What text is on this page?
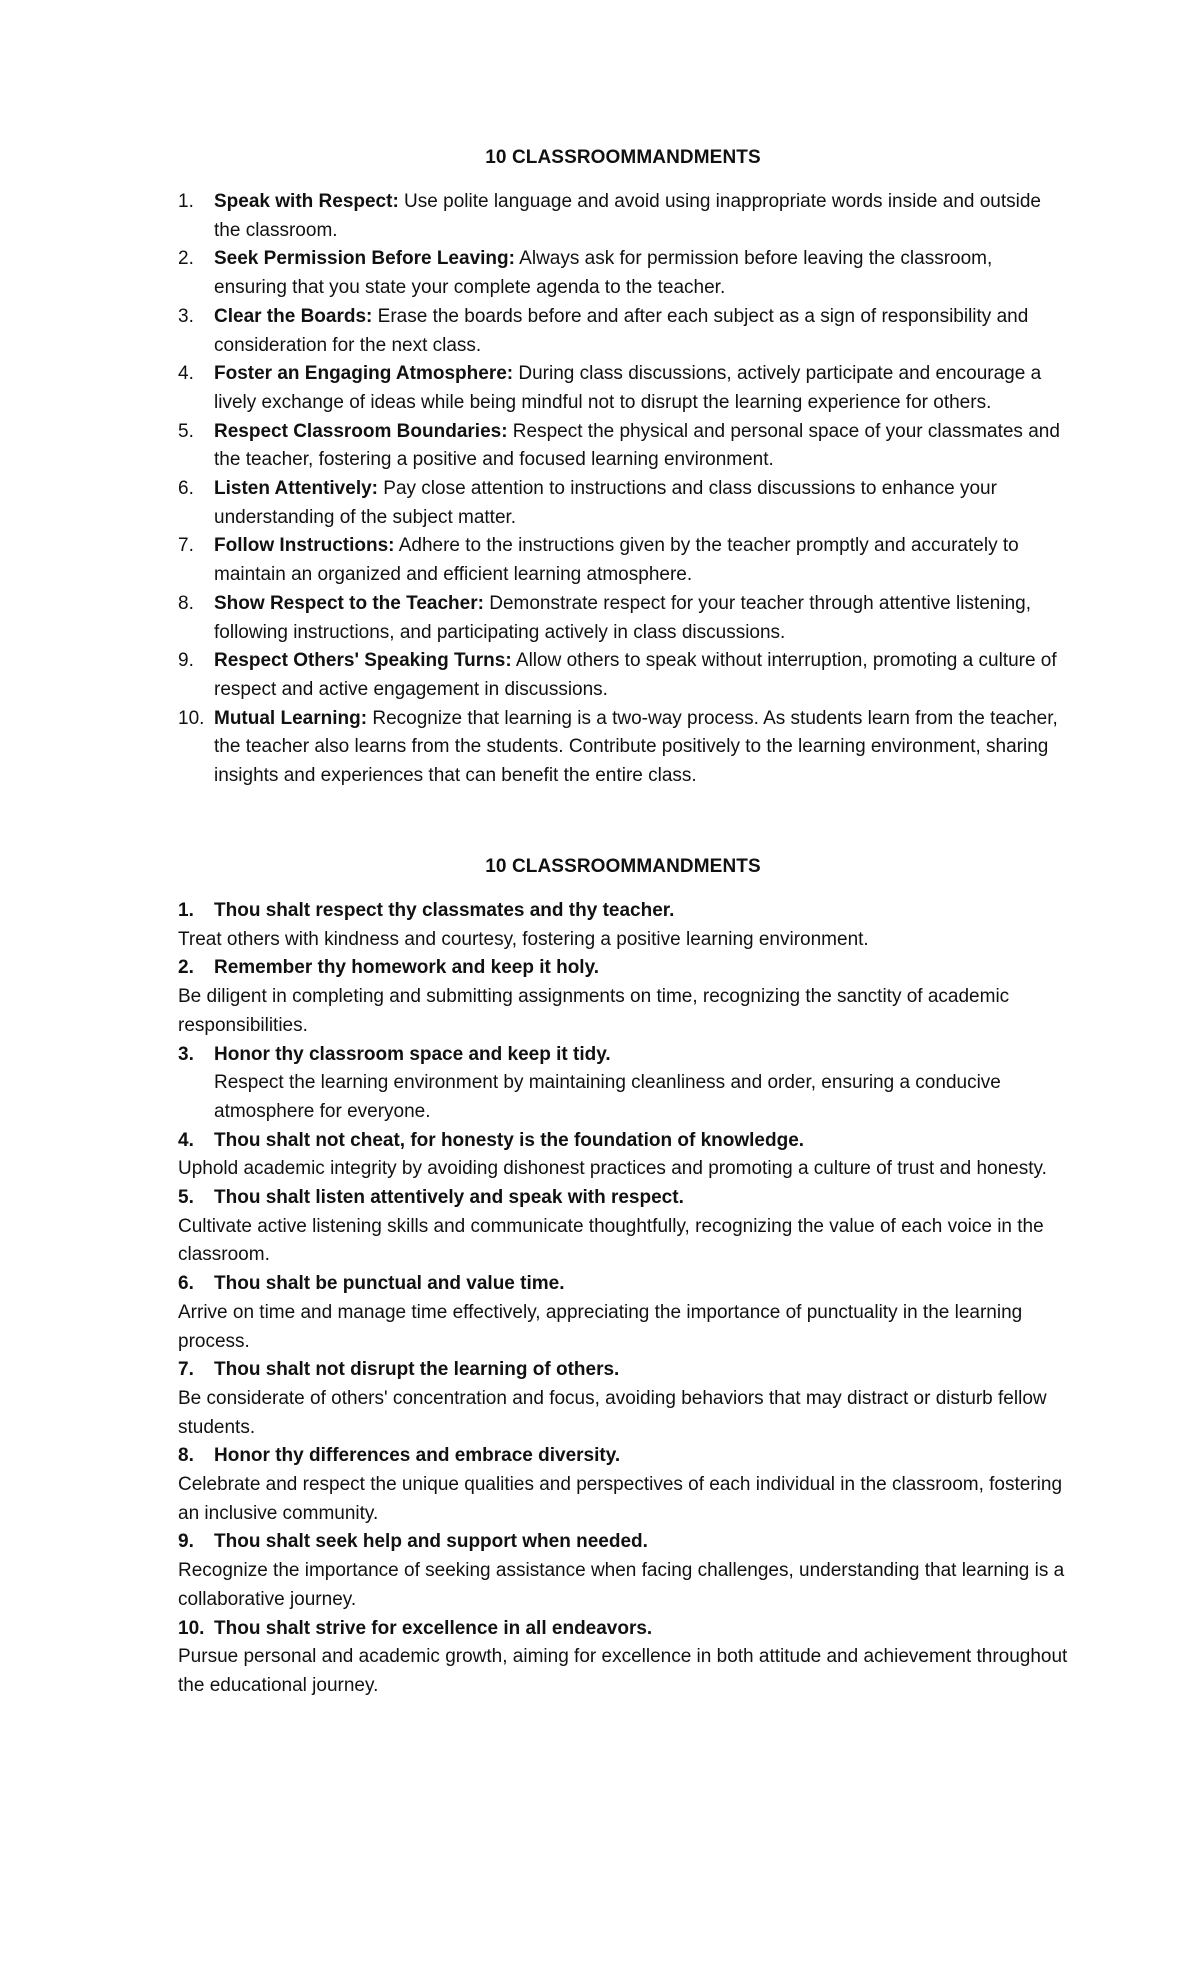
10 CLASSROOMMANDMENTS
1. Speak with Respect: Use polite language and avoid using inappropriate words inside and outside the classroom.
2. Seek Permission Before Leaving: Always ask for permission before leaving the classroom, ensuring that you state your complete agenda to the teacher.
3. Clear the Boards: Erase the boards before and after each subject as a sign of responsibility and consideration for the next class.
4. Foster an Engaging Atmosphere: During class discussions, actively participate and encourage a lively exchange of ideas while being mindful not to disrupt the learning experience for others.
5. Respect Classroom Boundaries: Respect the physical and personal space of your classmates and the teacher, fostering a positive and focused learning environment.
6. Listen Attentively: Pay close attention to instructions and class discussions to enhance your understanding of the subject matter.
7. Follow Instructions: Adhere to the instructions given by the teacher promptly and accurately to maintain an organized and efficient learning atmosphere.
8. Show Respect to the Teacher: Demonstrate respect for your teacher through attentive listening, following instructions, and participating actively in class discussions.
9. Respect Others' Speaking Turns: Allow others to speak without interruption, promoting a culture of respect and active engagement in discussions.
10. Mutual Learning: Recognize that learning is a two-way process. As students learn from the teacher, the teacher also learns from the students. Contribute positively to the learning environment, sharing insights and experiences that can benefit the entire class.
10 CLASSROOMMANDMENTS
1. Thou shalt respect thy classmates and thy teacher.
Treat others with kindness and courtesy, fostering a positive learning environment.
2. Remember thy homework and keep it holy.
Be diligent in completing and submitting assignments on time, recognizing the sanctity of academic responsibilities.
3. Honor thy classroom space and keep it tidy.
Respect the learning environment by maintaining cleanliness and order, ensuring a conducive atmosphere for everyone.
4. Thou shalt not cheat, for honesty is the foundation of knowledge.
Uphold academic integrity by avoiding dishonest practices and promoting a culture of trust and honesty.
5. Thou shalt listen attentively and speak with respect.
Cultivate active listening skills and communicate thoughtfully, recognizing the value of each voice in the classroom.
6. Thou shalt be punctual and value time.
Arrive on time and manage time effectively, appreciating the importance of punctuality in the learning process.
7. Thou shalt not disrupt the learning of others.
Be considerate of others' concentration and focus, avoiding behaviors that may distract or disturb fellow students.
8. Honor thy differences and embrace diversity.
Celebrate and respect the unique qualities and perspectives of each individual in the classroom, fostering an inclusive community.
9. Thou shalt seek help and support when needed.
Recognize the importance of seeking assistance when facing challenges, understanding that learning is a collaborative journey.
10. Thou shalt strive for excellence in all endeavors.
Pursue personal and academic growth, aiming for excellence in both attitude and achievement throughout the educational journey.
